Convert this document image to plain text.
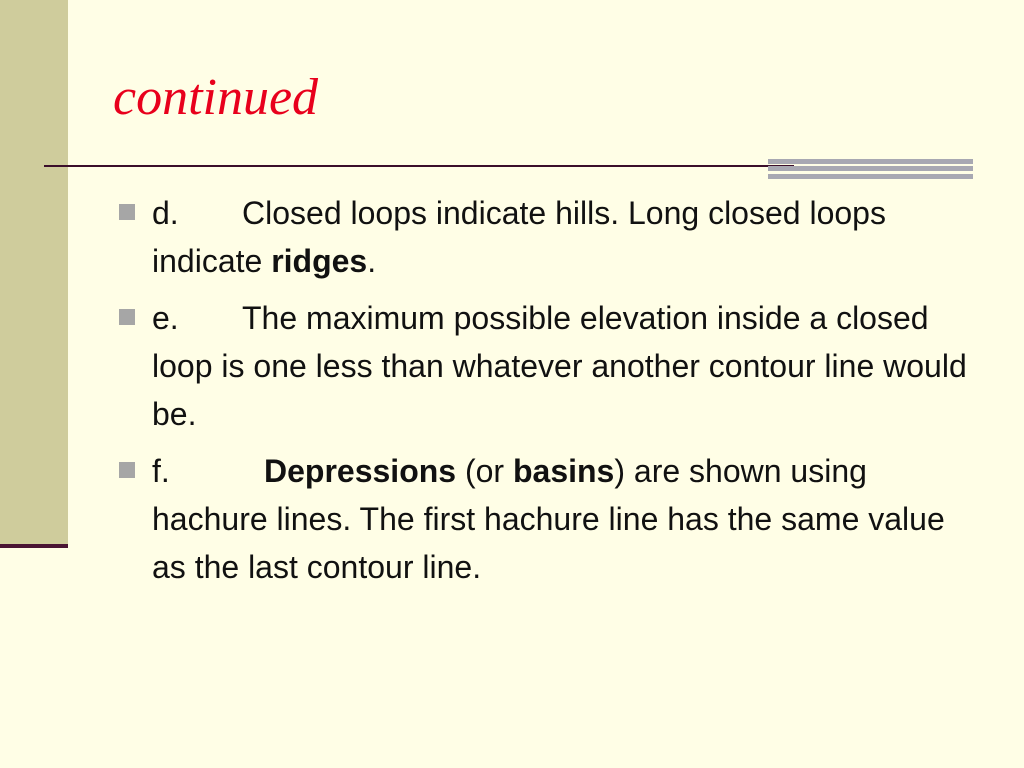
continued
d. Closed loops indicate hills. Long closed loops indicate ridges.
e. The maximum possible elevation inside a closed loop is one less than whatever another contour line would be.
f.	Depressions (or basins) are shown using hachure lines. The first hachure line has the same value as the last contour line.
